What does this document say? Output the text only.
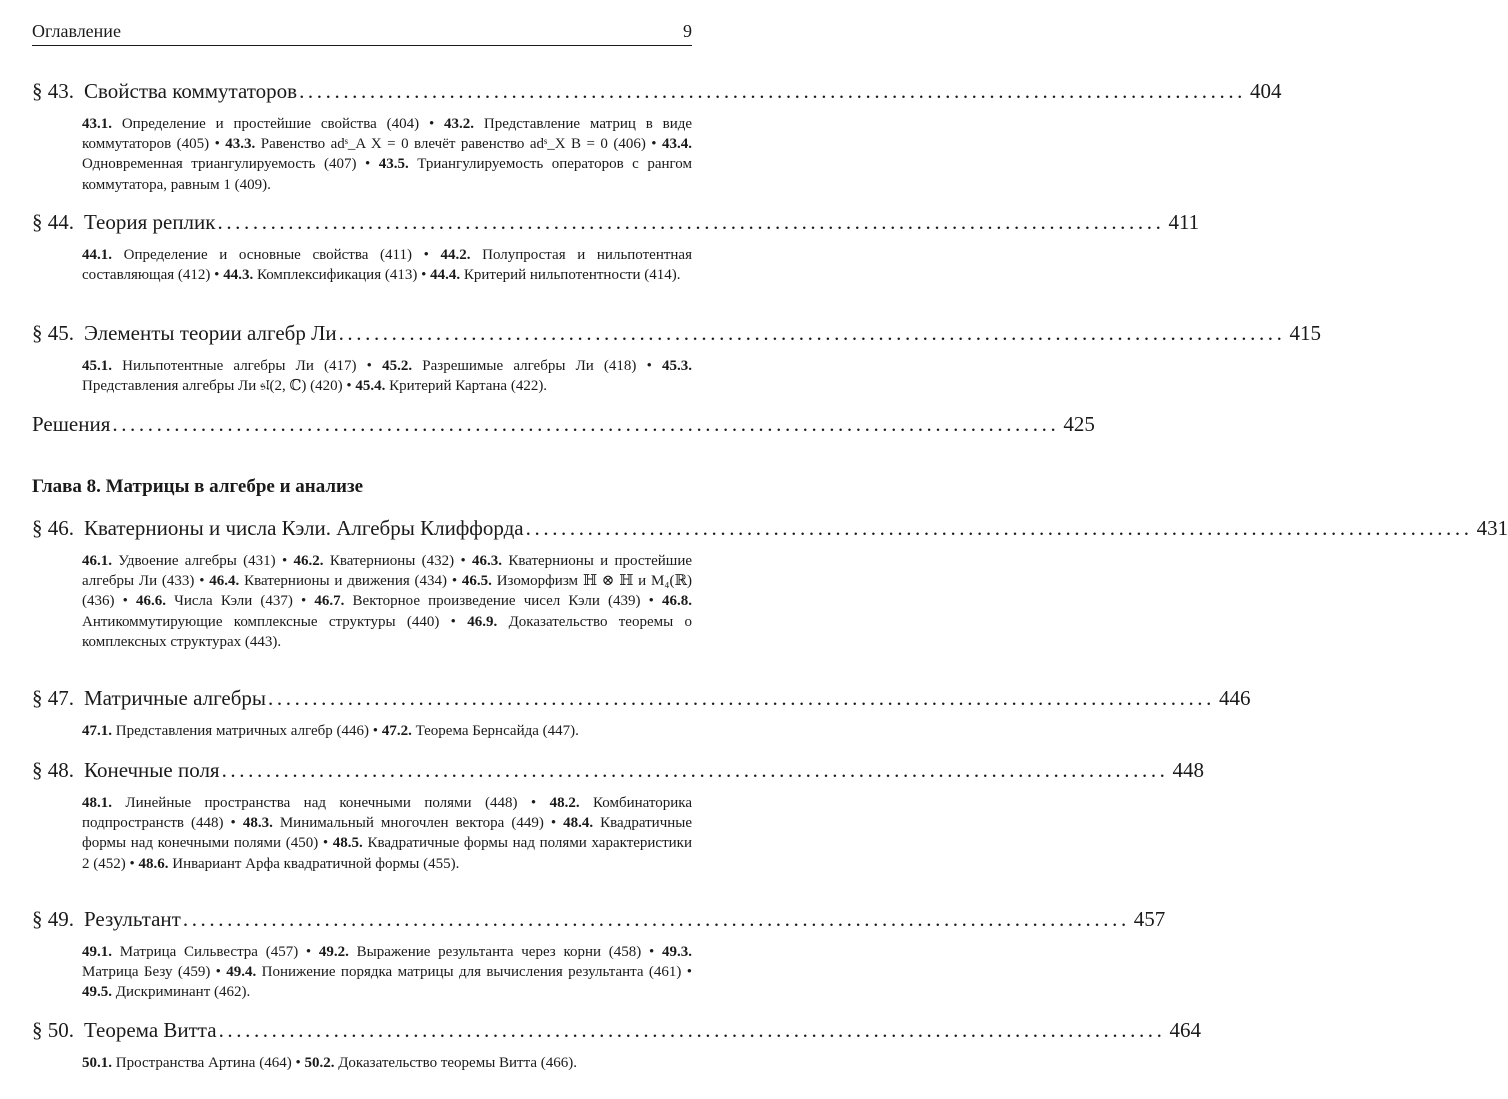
Оглавление	9
§ 43. Свойства коммутаторов ........................................................................................................... 404
43.1. Определение и простейшие свойства (404) • 43.2. Представление матриц в виде коммутаторов (405) • 43.3. Равенство adˢ_A X = 0 влечёт равенство adˢ_X B = 0 (406) • 43.4. Одновременная триангулируемость (407) • 43.5. Триангулируемость операторов с рангом коммутатора, равным 1 (409).
§ 44. Теория реплик ........................................................................................................... 411
44.1. Определение и основные свойства (411) • 44.2. Полупростая и нильпотентная составляющая (412) • 44.3. Комплексификация (413) • 44.4. Критерий нильпотентности (414).
§ 45. Элементы теории алгебр Ли ........................................................................................................... 415
45.1. Нильпотентные алгебры Ли (417) • 45.2. Разрешимые алгебры Ли (418) • 45.3. Представления алгебры Ли 𝔰𝔩(2, ℂ) (420) • 45.4. Критерий Картана (422).
Решения ........................................................................................................... 425
Глава 8. Матрицы в алгебре и анализе
§ 46. Кватернионы и числа Кэли. Алгебры Клиффорда ........................................................................................................... 431
46.1. Удвоение алгебры (431) • 46.2. Кватернионы (432) • 46.3. Кватернионы и простейшие алгебры Ли (433) • 46.4. Кватернионы и движения (434) • 46.5. Изоморфизм ℍ ⊗ ℍ и M₄(ℝ) (436) • 46.6. Числа Кэли (437) • 46.7. Векторное произведение чисел Кэли (439) • 46.8. Антикоммутирующие комплексные структуры (440) • 46.9. Доказательство теоремы о комплексных структурах (443).
§ 47. Матричные алгебры ........................................................................................................... 446
47.1. Представления матричных алгебр (446) • 47.2. Теорема Бернсайда (447).
§ 48. Конечные поля ........................................................................................................... 448
48.1. Линейные пространства над конечными полями (448) • 48.2. Комбинаторика подпространств (448) • 48.3. Минимальный многочлен вектора (449) • 48.4. Квадратичные формы над конечными полями (450) • 48.5. Квадратичные формы над полями характеристики 2 (452) • 48.6. Инвариант Арфа квадратичной формы (455).
§ 49. Результант ........................................................................................................... 457
49.1. Матрица Сильвестра (457) • 49.2. Выражение результанта через корни (458) • 49.3. Матрица Безу (459) • 49.4. Понижение порядка матрицы для вычисления результанта (461) • 49.5. Дискриминант (462).
§ 50. Теорема Витта ........................................................................................................... 464
50.1. Пространства Артина (464) • 50.2. Доказательство теоремы Витта (466).
